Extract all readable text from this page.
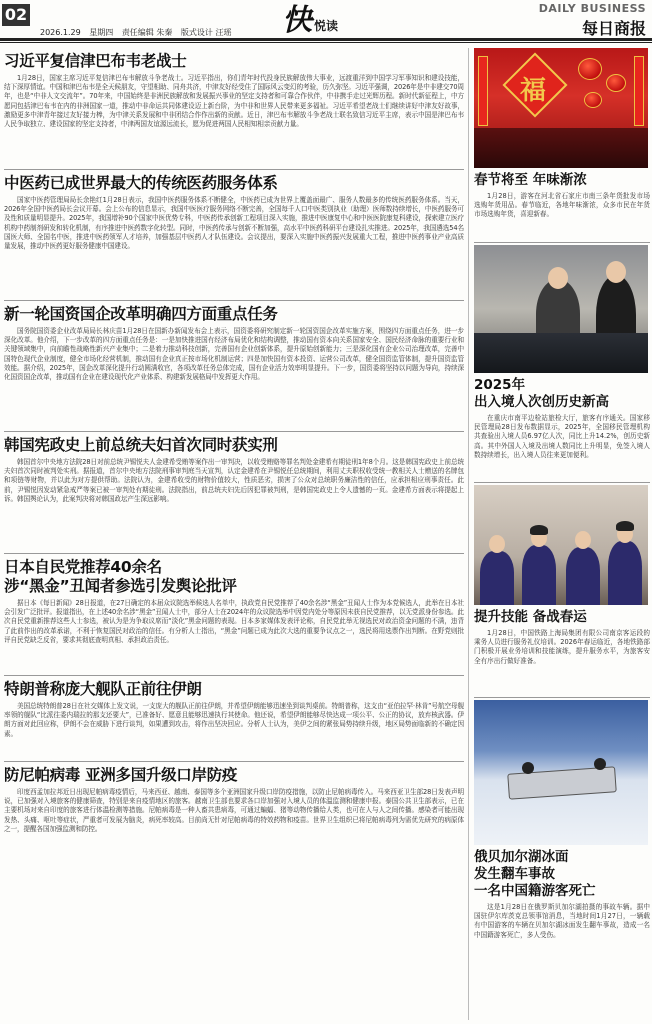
02
2026.1.29 星期四 责任编辑 朱秦 版式设计 汪瑶 快 悦读
DAILY BUSINESS
每日商报
习近平复信津巴布韦老战士

1月28日，国家主席习近平复信津巴布韦解放斗争老战士。习近平指出，你们青年时代投身民族解放伟大事业，远渡重洋到中国学习军事知识和建设技能，结下深厚情谊。中国和津巴布韦是全天候朋友，守望相助、同舟共济，中津友好经受住了国际风云变幻的考验，历久弥坚。习近平强调，2026年是中非建交70周年，也是“中非人文交流年”。70年来，中国始终是非洲民族解放和发展振兴事业的坚定支持者和可靠合作伙伴，中非携手走过光辉历程。新时代新征程上，中方愿同包括津巴布韦在内的非洲国家一道，推动中非命运共同体建设迈上新台阶，为中非和世界人民带来更多福祉。习近平希望老战士们继续讲好中津友好故事，激励更多中津青年接过友好接力棒，为中津关系发展和中非团结合作作出新的贡献。近日，津巴布韦解放斗争老战士联名致信习近平主席，表示中国是津巴布韦人民争取独立、建设国家的坚定支持者，中津两国友谊源远流长，愿为促进两国人民相知相亲贡献力量。

中医药已成世界最大的传统医药服务体系

国家中医药管理局局长余艳红1月28日表示，我国中医药服务体系不断健全，中医药已成为世界上覆盖面最广、服务人数最多的传统医药服务体系。当天，2026年全国中医药局长会议开幕。会上公布的信息显示，我国中医医疗服务网络不断完善，全国每千人口中医类别执业（助理）医师数持续增长，中医药服务可及性和质量明显提升。2025年，我国增补90个国家中医优势专科，中医药传承创新工程项目深入实施，推进中医康复中心和中医医院康复科建设，探索建立医疗机构中药制剂研发和转化机制，有序推进中医药数字化转型。同时，中医药传承与创新不断加强，高水平中医药科研平台建设扎实推进。2025年，我国遴选54名国医大师、全国名中医，推进中医药领军人才培养，加强基层中医药人才队伍建设。会议提出，要深入实施中医药振兴发展重大工程，推进中医药事业产业高质量发展，推动中医药更好服务健康中国建设。

新一轮国资国企改革明确四方面重点任务

国务院国资委企业改革局局长林庆苗1月28日在国新办新闻发布会上表示，国资委将研究制定新一轮国资国企改革实施方案，围绕四方面重点任务，进一步深化改革。他介绍，下一步改革的四方面重点任务是：一是加快推进国有经济布局优化和结构调整，推动国有资本向关系国家安全、国民经济命脉的重要行业和关键领域集中，向前瞻性战略性新兴产业集中；二是着力推动科技创新，完善国有企业创新体系，提升原始创新能力；三是深化国有企业公司治理改革，完善中国特色现代企业制度，健全市场化经营机制，推动国有企业真正按市场化机制运营；四是加快国有资本投资、运营公司改革，健全国资监管体制，提升国资监管效能。据介绍，2025年，国企改革深化提升行动圆满收官，各项改革任务总体完成，国有企业活力效率明显提升。下一步，国资委将坚持以问题为导向，持续深化国资国企改革，推动国有企业在建设现代化产业体系、构建新发展格局中发挥更大作用。

韩国宪政史上前总统夫妇首次同时获实刑

韩国首尔中央地方法院28日对前总统尹锡悦夫人金建希受贿等案作出一审判决，以收受贿赂等罪名判处金建希有期徒刑1年8个月。这是韩国宪政史上前总统夫妇首次同时被判处实刑。据报道，首尔中央地方法院刑事审判庭当天宣判，认定金建希在尹锡悦任总统期间，利用丈夫职权收受统一教相关人士赠送的名牌包和项链等财物，并以此为对方提供帮助。法院认为，金建希收受的财物价值较大，性质恶劣，损害了公众对总统职务廉洁性的信任，应承担相应刑事责任。此前，尹锡悦因发动紧急戒严等案已被一审判处有期徒刑。法院指出，前总统夫妇先后因犯罪被判刑，是韩国宪政史上令人遗憾的一页。金建希方面表示将提起上诉。韩国舆论认为，此案判决将对韩国政坛产生深远影响。

日本自民党推荐40余名
涉“黑金”丑闻者参选引发舆论批评

据日本《每日新闻》28日报道，在27日确定的本届众议院选举候选人名单中，执政党自民党推荐了40余名涉“黑金”丑闻人士作为本党候选人，此举在日本社会引发广泛批评。报道指出，在上述40余名涉“黑金”丑闻人士中，部分人士在2024年的众议院选举中因党内处分等原因未获自民党推荐，以无党派身份参选。此次自民党重新推荐这些人士参选，被认为是为争取议席而“淡化”黑金问题的表现。日本多家媒体发表评论称，自民党此举无视选民对政治资金问题的不满，违背了此前作出的改革承诺，不利于恢复国民对政治的信任。有分析人士指出，“黑金”问题已成为此次大选的重要争议点之一，选民将用选票作出判断。在野党则批评自民党缺乏反省，要求其彻底查明真相、承担政治责任。

特朗普称庞大舰队正前往伊朗

美国总统特朗普28日在社交媒体上发文说，一支庞大的舰队正前往伊朗，并希望伊朗能够迅速坐到谈判桌前。特朗普称，这支由“亚伯拉罕·林肯”号航空母舰率领的舰队“比派往委内瑞拉的那支还要大”，已准备好、愿意且能够迅速执行其使命。他还说，希望伊朗能够尽快达成一项公平、公正的协议，放弃核武器。伊朗方面对此回应称，伊朗不会在威胁下进行谈判，如果遭到攻击，将作出坚决回应。分析人士认为，美伊之间的紧张局势持续升级，地区局势面临新的不确定因素。

防尼帕病毒 亚洲多国升级口岸防疫

印度西孟加拉邦近日出现尼帕病毒疫情后，马来西亚、越南、泰国等多个亚洲国家升级口岸防疫措施，以防止尼帕病毒传入。马来西亚卫生部28日发表声明说，已加强对入境旅客的健康筛查，特别是来自疫情地区的旅客。越南卫生部也要求各口岸加强对入境人员的体温监测和健康申报。泰国公共卫生部表示，已在主要机场对来自印度的旅客进行体温检测等措施。尼帕病毒是一种人畜共患病毒，可通过蝙蝠、猪等动物传播给人类，也可在人与人之间传播。感染者可能出现发热、头痛、呕吐等症状，严重者可发展为脑炎，病死率较高。目前尚无针对尼帕病毒的特效药物和疫苗。世界卫生组织已将尼帕病毒列为需优先研究的病原体之一，提醒各国加强监测和防控。

福
春节将至 年味渐浓

1月28日，游客在河北省石家庄市南三条年货批发市场选购年货用品。春节临近，各地年味渐浓，众多市民在年货市场选购年货，喜迎新春。

2025年
出入境人次创历史新高

在重庆市南平边检站旅检大厅，旅客有序通关。国家移民管理局28日发布数据显示，2025年，全国移民管理机构共查验出入境人员6.97亿人次，同比上升14.2%，创历史新高。其中外国人入境及出境人数同比上升明显，免签入境人数持续增长，出入境人员往来更加便利。

提升技能 备战春运

1月28日，中国铁路上海局集团有限公司南京客运段的乘务人员进行服务礼仪培训。2026年春运临近，各地铁路部门积极开展业务培训和技能演练，提升服务水平，为旅客安全有序出行做好准备。

俄贝加尔湖冰面
发生翻车事故
一名中国籍游客死亡

这是1月28日在俄罗斯贝加尔湖拍摄的事故车辆。据中国驻伊尔库茨克总领事馆消息，当地时间1月27日，一辆载有中国游客的车辆在贝加尔湖冰面发生翻车事故，造成一名中国籍游客死亡，多人受伤。
